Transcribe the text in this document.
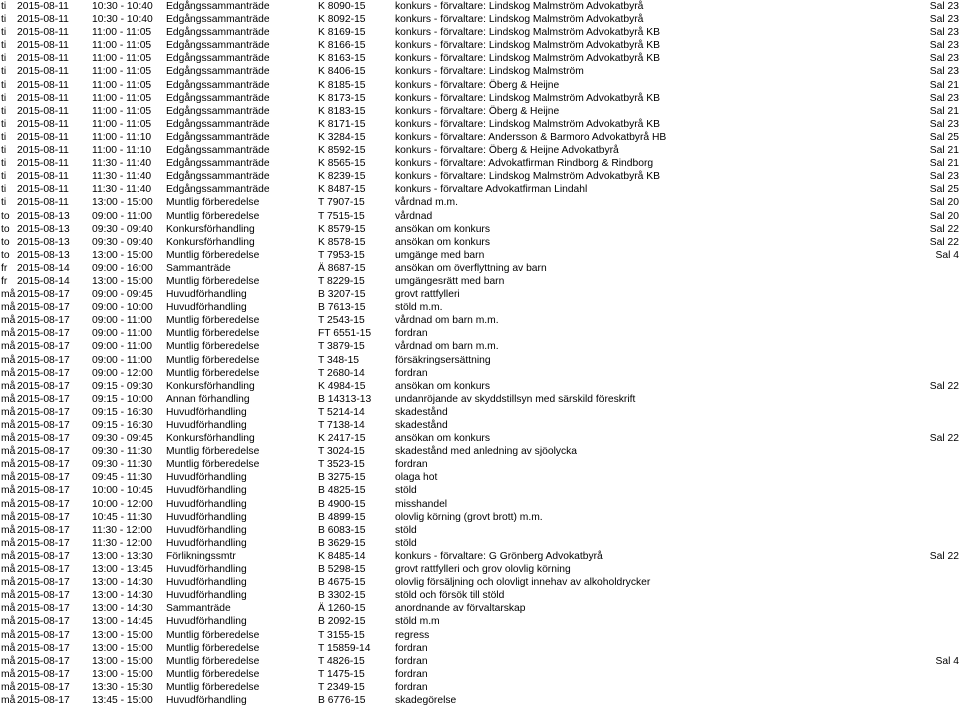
ti 2015-08-11 10:30 - 10:40 Edgångssammanträde	K 8090-15	konkurs - förvaltare: Lindskog Malmström Advokatbyrå	Sal 23
ti 2015-08-11 10:30 - 10:40 Edgångssammanträde	K 8092-15	konkurs - förvaltare: Lindskog Malmström Advokatbyrå	Sal 23
ti 2015-08-11 11:00 - 11:05 Edgångssammanträde	K 8169-15	konkurs - förvaltare: Lindskog Malmström Advokatbyrå KB	Sal 23
ti 2015-08-11 11:00 - 11:05 Edgångssammanträde	K 8166-15	konkurs - förvaltare: Lindskog Malmström Advokatbyrå KB	Sal 23
ti 2015-08-11 11:00 - 11:05 Edgångssammanträde	K 8163-15	konkurs - förvaltare: Lindskog Malmström Advokatbyrå KB	Sal 23
ti 2015-08-11 11:00 - 11:05 Edgångssammanträde	K 8406-15	konkurs - förvaltare: Lindskog Malmström	Sal 23
ti 2015-08-11 11:00 - 11:05 Edgångssammanträde	K 8185-15	konkurs - förvaltare: Öberg & Heijne	Sal 21
ti 2015-08-11 11:00 - 11:05 Edgångssammanträde	K 8173-15	konkurs - förvaltare: Lindskog Malmström Advokatbyrå KB	Sal 23
ti 2015-08-11 11:00 - 11:05 Edgångssammanträde	K 8183-15	konkurs - förvaltare: Öberg & Heijne	Sal 21
ti 2015-08-11 11:00 - 11:05 Edgångssammanträde	K 8171-15	konkurs - förvaltare: Lindskog Malmström Advokatbyrå KB	Sal 23
ti 2015-08-11 11:00 - 11:10 Edgångssammanträde	K 3284-15	konkurs - förvaltare: Andersson & Barmoro Advokatbyrå HB	Sal 25
ti 2015-08-11 11:00 - 11:10 Edgångssammanträde	K 8592-15	konkurs - förvaltare: Öberg & Heijne Advokatbyrå	Sal 21
ti 2015-08-11 11:30 - 11:40 Edgångssammanträde	K 8565-15	konkurs - förvaltare: Advokatfirman Rindborg & Rindborg	Sal 21
ti 2015-08-11 11:30 - 11:40 Edgångssammanträde	K 8239-15	konkurs - förvaltare: Lindskog Malmström Advokatbyrå KB	Sal 23
ti 2015-08-11 11:30 - 11:40 Edgångssammanträde	K 8487-15	konkurs - förvaltare Advokatfirman Lindahl	Sal 25
ti 2015-08-11 13:00 - 15:00 Muntlig förberedelse	T 7907-15	vårdnad m.m.	Sal 20
to 2015-08-13 09:00 - 11:00 Muntlig förberedelse	T 7515-15	vårdnad	Sal 20
to 2015-08-13 09:30 - 09:40 Konkursförhandling	K 8579-15	ansökan om konkurs	Sal 22
to 2015-08-13 09:30 - 09:40 Konkursförhandling	K 8578-15	ansökan om konkurs	Sal 22
to 2015-08-13 13:00 - 15:00 Muntlig förberedelse	T 7953-15	umgänge med barn	Sal 4
fr 2015-08-14 09:00 - 16:00 Sammanträde	Ä 8687-15	ansökan om överflyttning av barn
fr 2015-08-14 13:00 - 15:00 Muntlig förberedelse	T 8229-15	umgängesrätt med barn
må 2015-08-17 09:00 - 09:45 Huvudförhandling	B 3207-15	grovt rattfylleri
må 2015-08-17 09:00 - 10:00 Huvudförhandling	B 7613-15	stöld m.m.
må 2015-08-17 09:00 - 11:00 Muntlig förberedelse	T 2543-15	vårdnad om barn m.m.
må 2015-08-17 09:00 - 11:00 Muntlig förberedelse	FT 6551-15 fordran
må 2015-08-17 09:00 - 11:00 Muntlig förberedelse	T 3879-15	vårdnad om barn m.m.
må 2015-08-17 09:00 - 11:00 Muntlig förberedelse	T 348-15	försäkringsersättning
må 2015-08-17 09:00 - 12:00 Muntlig förberedelse	T 2680-14	fordran
må 2015-08-17 09:15 - 09:30 Konkursförhandling	K 4984-15	ansökan om konkurs	Sal 22
må 2015-08-17 09:15 - 10:00 Annan förhandling	B 14313-13 undanröjande av skyddstillsyn med särskild föreskrift
må 2015-08-17 09:15 - 16:30 Huvudförhandling	T 5214-14	skadestånd
må 2015-08-17 09:15 - 16:30 Huvudförhandling	T 7138-14	skadestånd
må 2015-08-17 09:30 - 09:45 Konkursförhandling	K 2417-15	ansökan om konkurs	Sal 22
må 2015-08-17 09:30 - 11:30 Muntlig förberedelse	T 3024-15	skadestånd med anledning av sjöolycka
må 2015-08-17 09:30 - 11:30 Muntlig förberedelse	T 3523-15	fordran
må 2015-08-17 09:45 - 11:30 Huvudförhandling	B 3275-15	olaga hot
må 2015-08-17 10:00 - 10:45 Huvudförhandling	B 4825-15	stöld
må 2015-08-17 10:00 - 12:00 Huvudförhandling	B 4900-15	misshandel
må 2015-08-17 10:45 - 11:30 Huvudförhandling	B 4899-15	olovlig körning (grovt brott) m.m.
må 2015-08-17 11:30 - 12:00 Huvudförhandling	B 6083-15	stöld
må 2015-08-17 11:30 - 12:00 Huvudförhandling	B 3629-15	stöld
må 2015-08-17 13:00 - 13:30 Förlikningssmtr	K 8485-14	konkurs - förvaltare: G Grönberg Advokatbyrå	Sal 22
må 2015-08-17 13:00 - 13:45 Huvudförhandling	B 5298-15	grovt rattfylleri och grov olovlig körning
må 2015-08-17 13:00 - 14:30 Huvudförhandling	B 4675-15	olovlig försäljning och olovligt innehav av alkoholdrycker
må 2015-08-17 13:00 - 14:30 Huvudförhandling	B 3302-15	stöld och försök till stöld
må 2015-08-17 13:00 - 14:30 Sammanträde	Ä 1260-15	anordnande av förvaltarskap
må 2015-08-17 13:00 - 14:45 Huvudförhandling	B 2092-15	stöld m.m
må 2015-08-17 13:00 - 15:00 Muntlig förberedelse	T 3155-15	regress
må 2015-08-17 13:00 - 15:00 Muntlig förberedelse	T 15859-14 fordran
må 2015-08-17 13:00 - 15:00 Muntlig förberedelse	T 4826-15	fordran	Sal 4
må 2015-08-17 13:00 - 15:00 Muntlig förberedelse	T 1475-15	fordran
må 2015-08-17 13:30 - 15:30 Muntlig förberedelse	T 2349-15	fordran
må 2015-08-17 13:45 - 15:00 Huvudförhandling	B 6776-15	skadegörelse
